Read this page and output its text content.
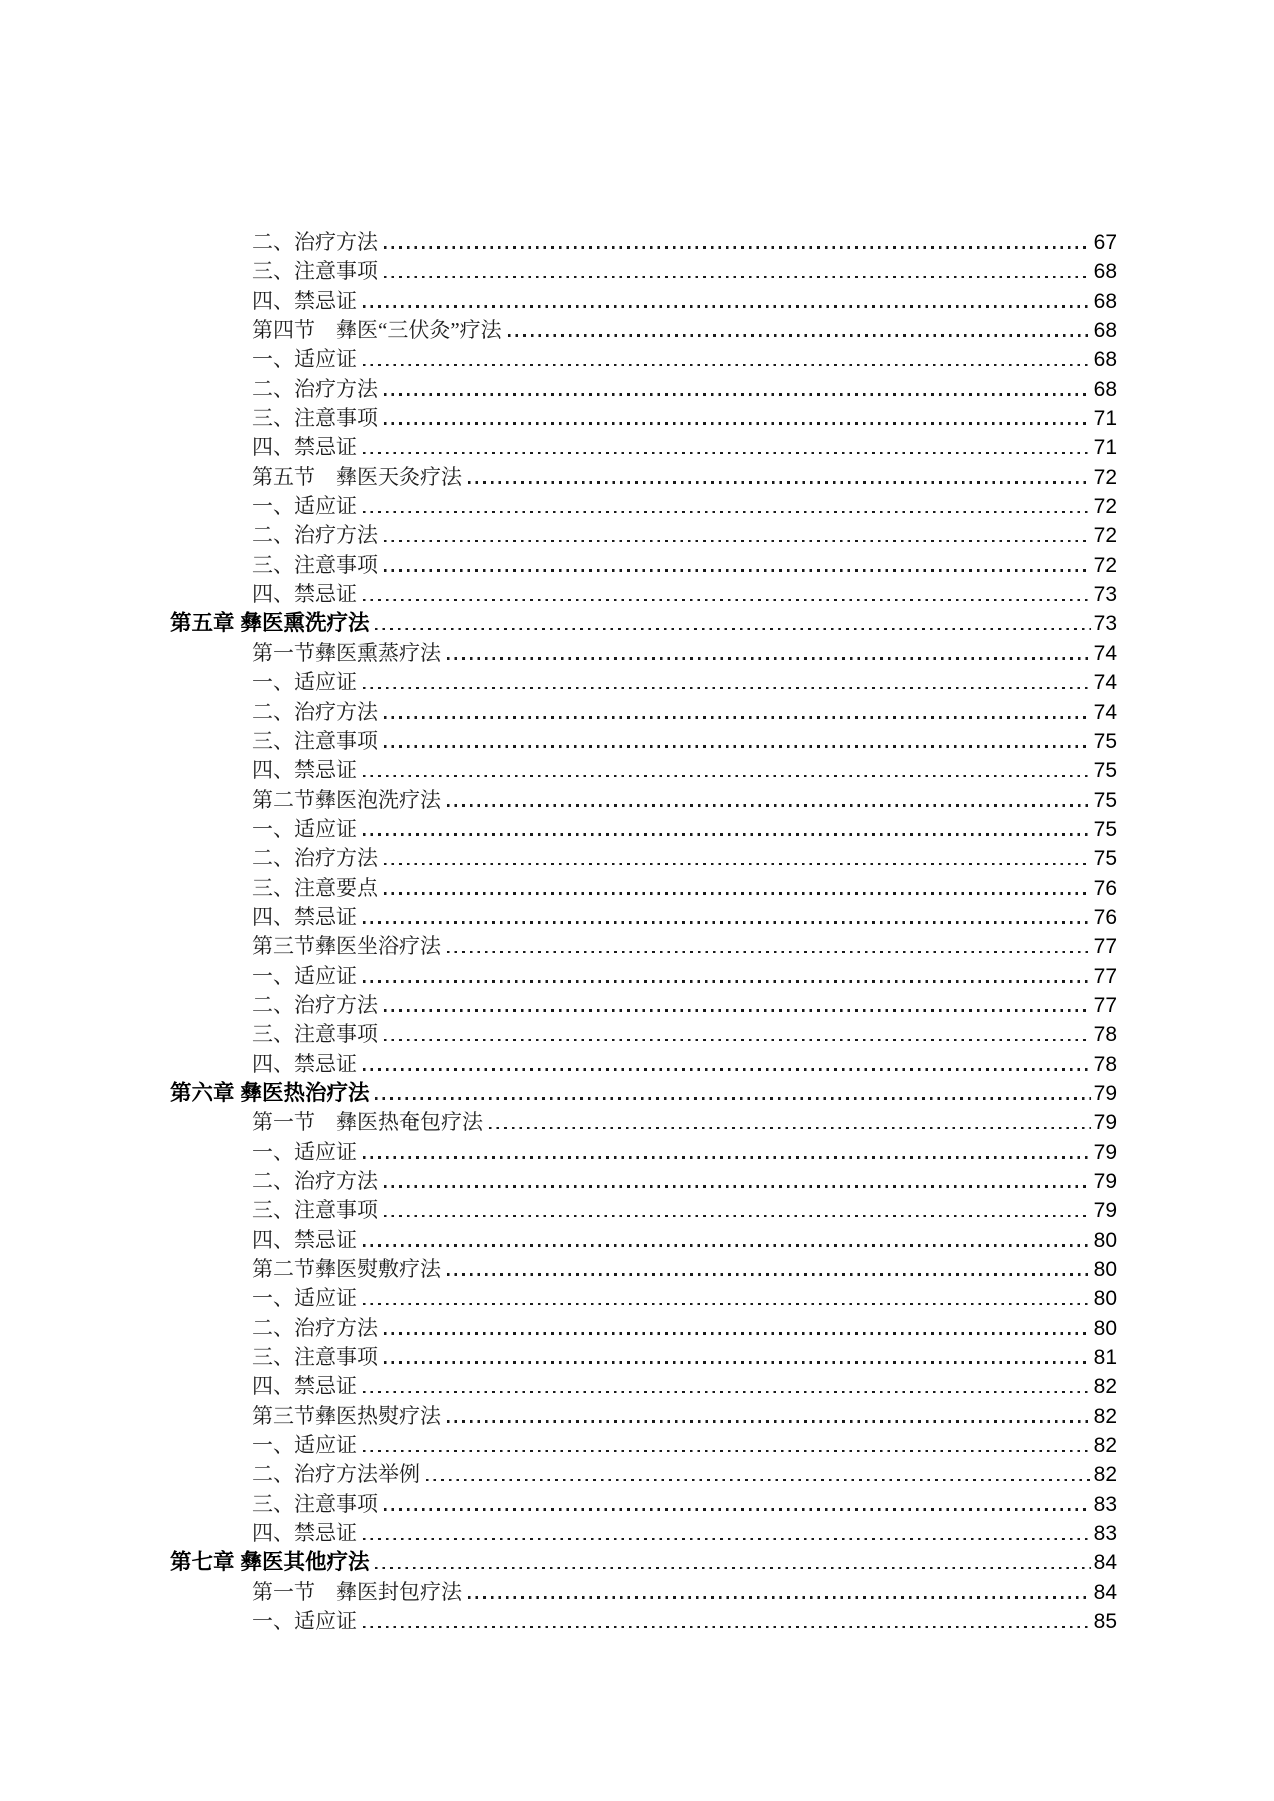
二、治疗方法	67
三、注意事项	68
四、禁忌证	68
第四节　彝医“三伏灸”疗法	68
一、适应证	68
二、治疗方法	68
三、注意事项	71
四、禁忌证	71
第五节　彝医天灸疗法	72
一、适应证	72
二、治疗方法	72
三、注意事项	72
四、禁忌证	73
第五章 彝医熏洗疗法	73
第一节彝医熏蒸疗法	74
一、适应证	74
二、治疗方法	74
三、注意事项	75
四、禁忌证	75
第二节彝医泡洗疗法	75
一、适应证	75
二、治疗方法	75
三、注意要点	76
四、禁忌证	76
第三节彝医坐浴疗法	77
一、适应证	77
二、治疗方法	77
三、注意事项	78
四、禁忌证	78
第六章 彝医热治疗法	79
第一节　彝医热奄包疗法	79
一、适应证	79
二、治疗方法	79
三、注意事项	79
四、禁忌证	80
第二节彝医熨敷疗法	80
一、适应证	80
二、治疗方法	80
三、注意事项	81
四、禁忌证	82
第三节彝医热熨疗法	82
一、适应证	82
二、治疗方法举例	82
三、注意事项	83
四、禁忌证	83
第七章 彝医其他疗法	84
第一节　彝医封包疗法	84
一、适应证	85
